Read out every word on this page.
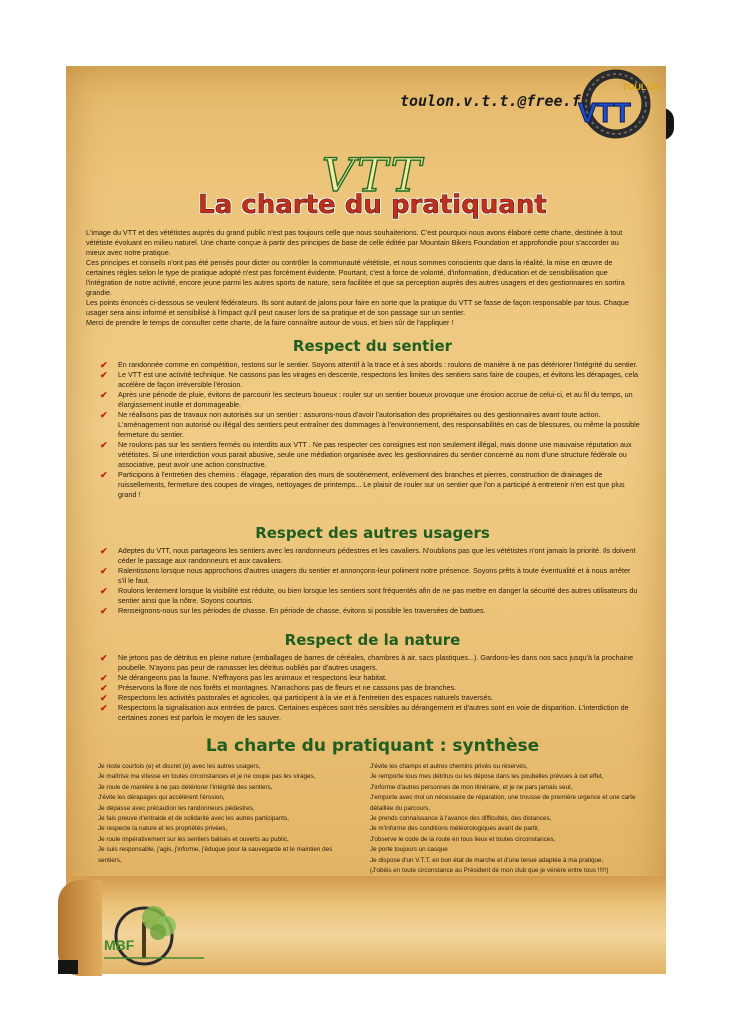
toulon.v.t.t.@free.fr
TOULON
VTT
VTT
La charte du pratiquant

L'image du VTT et des vététistes auprès du grand public n'est pas toujours celle que nous souhaiterions. C'est pourquoi nous avons élaboré cette charte, destinée à tout vététiste évoluant en milieu naturel. Une charte conçue à partir des principes de base de celle éditée par Mountain Bikers Foundation et approfondie pour s'accorder au mieux avec notre pratique.

Ces principes et conseils n'ont pas été pensés pour dicter ou contrôler la communauté vététiste, et nous sommes conscients que dans la réalité, la mise en œuvre de certaines règles selon le type de pratique adopté n'est pas forcément évidente. Pourtant, c'est à force de volonté, d'information, d'éducation et de sensibilisation que l'intégration de notre activité, encore jeune parmi les autres sports de nature, sera facilitée et que sa perception auprès des autres usagers et des gestionnaires en sortira grandie.

Les points énoncés ci-dessous se veulent fédérateurs. Ils sont autant de jalons pour faire en sorte que la pratique du VTT se fasse de façon responsable par tous. Chaque usager sera ainsi informé et sensibilisé à l'impact qu'il peut causer lors de sa pratique et de son passage sur un sentier.

Merci de prendre le temps de consulter cette charte, de la faire connaître autour de vous, et bien sûr de l'appliquer !

Respect du sentier
✔ En randonnée comme en compétition, restons sur le sentier. Soyons attentif à la trace et à ses abords : roulons de manière à ne pas détériorer l'intégrité du sentier.
✔ Le VTT est une activité technique. Ne cassons pas les virages en descente, respectons les limites des sentiers sans faire de coupes, et évitons les dérapages, cela accélère de façon irréversible l'érosion.
✔ Après une période de pluie, évitons de parcourir les secteurs boueux : rouler sur un sentier boueux provoque une érosion accrue de celui-ci, et au fil du temps, un élargissement inutile et dommageable.
✔ Ne réalisons pas de travaux non autorisés sur un sentier : assurons-nous d'avoir l'autorisation des propriétaires ou des gestionnaires avant toute action. L'aménagement non autorisé ou illégal des sentiers peut entraîner des dommages à l'environnement, des responsabilités en cas de blessures, ou même la possible fermeture du sentier.
✔ Ne roulons pas sur les sentiers fermés ou interdits aux VTT . Ne pas respecter ces consignes est non seulement illégal, mais donne une mauvaise réputation aux vététistes. Si une interdiction vous parait abusive, seule une médiation organisée avec les gestionnaires du sentier concerné au nom d'une structure fédérale ou associative, peut avoir une action constructive.
✔ Participons à l'entretien des chemins : élagage, réparation des murs de soutènement, enlèvement des branches et pierres, construction de drainages de ruissellements, fermeture des coupes de virages, nettoyages de printemps... Le plaisir de rouler sur un sentier que l'on a participé à entretenir n'en est que plus grand !
Respect des autres usagers
✔ Adeptes du VTT, nous partageons les sentiers avec les randonneurs pédestres et les cavaliers. N'oublions pas que les vététistes n'ont jamais la priorité. Ils doivent céder le passage aux randonneurs et aux cavaliers.
✔ Ralentissons lorsque nous approchons d'autres usagers du sentier et annonçons-leur poliment notre présence. Soyons prêts à toute éventualité et à nous arrêter s'il le faut.
✔ Roulons lentement lorsque la visibilité est réduite, ou bien lorsque les sentiers sont fréquentés afin de ne pas mettre en danger la sécurité des autres utilisateurs du sentier ainsi que la nôtre. Soyons courtois.
✔ Renseignons-nous sur les périodes de chasse. En période de chasse, évitons si possible les traversées de battues.
Respect de la nature
✔ Ne jetons pas de détritus en pleine nature (emballages de barres de céréales, chambres à air, sacs plastiques...). Gardons-les dans nos sacs jusqu'à la prochaine poubelle. N'ayons pas peur de ramasser les détritus oubliés par d'autres usagers.
✔ Ne dérangeons pas la faune. N'effrayons pas les animaux et respectons leur habitat.
✔ Préservons la flore de nos forêts et montagnes. N'arrachons pas de fleurs et ne cassons pas de branches.
✔ Respectons les activités pastorales et agricoles, qui participent à la vie et à l'entretien des espaces naturels traversés.
✔ Respectons la signalisation aux entrées de parcs. Certaines espèces sont très sensibles au dérangement et d'autres sont en voie de disparition. L'interdiction de certaines zones est parfois le moyen de les sauver.
La charte du pratiquant : synthèse

Je reste courtois (e) et discret (e) avec les autres usagers,

Je maîtrise ma vitesse en toutes circonstances et je ne coupe pas les virages,

Je roule de manière à ne pas détériorer l'intégrité des sentiers,

J'évite les dérapages qui accélèrent l'érosion,

Je dépasse avec précaution les randonneurs pédestres,

Je fais preuve d'entraide et de solidarité avec les autres participants,

Je respecte la nature et les propriétés privées,

Je roule impérativement sur les sentiers balisés et ouverts au public,

Je suis responsable, j'agis, j'informe, j'éduque pour la sauvegarde et le maintien des sentiers,

J'évite les champs et autres chemins privés ou réservés,

Je remporte tous mes détritus ou les dépose dans les poubelles prévues à cet effet,

J'informe d'autres personnes de mon itinéraire, et je ne pars jamais seul,

J'emporte avec moi un nécessaire de réparation, une trousse de première urgence et une carte détaillée du parcours,

Je prends connaissance à l'avance des difficultés, des distances,

Je m'informe des conditions météorologiques avant de partir,

J'observe le code de la route en tous lieux et toutes circonstances,

Je porte toujours un casque

Je dispose d'un V.T.T. en bon état de marche et d'une tenue adaptée à ma pratique,

(J'obéis en toute circonstance au Président de mon club que je vénère entre tous !!!!!)

MBF
